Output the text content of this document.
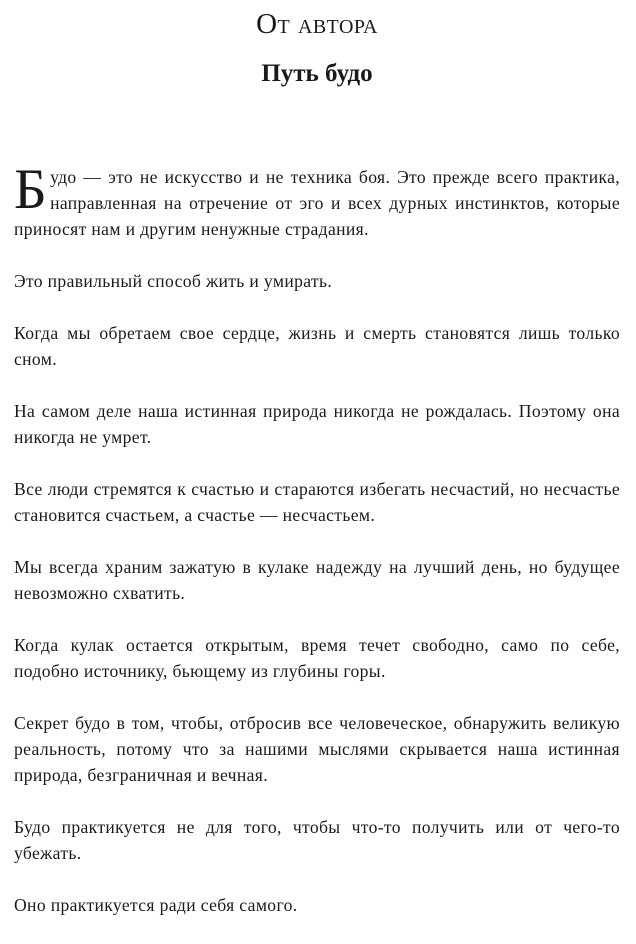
От автора
Путь будо

Будо — это не искусство и не техника боя. Это прежде всего практика, направленная на отречение от эго и всех дурных инстинктов, которые приносят нам и другим ненужные страдания.

Это правильный способ жить и умирать.

Когда мы обретаем свое сердце, жизнь и смерть становятся лишь только сном.

На самом деле наша истинная природа никогда не рождалась. Поэтому она никогда не умрет.

Все люди стремятся к счастью и стараются избегать несчастий, но несчастье становится счастьем, а счастье — несчастьем.

Мы всегда храним зажатую в кулаке надежду на лучший день, но будущее невозможно схватить.

Когда кулак остается открытым, время течет свободно, само по себе, подобно источнику, бьющему из глубины горы.

Секрет будо в том, чтобы, отбросив все человеческое, обнаружить великую реальность, потому что за нашими мыслями скрывается наша истинная природа, безграничная и вечная.

Будо практикуется не для того, чтобы что-то получить или от чего-то убежать.

Оно практикуется ради себя самого.
